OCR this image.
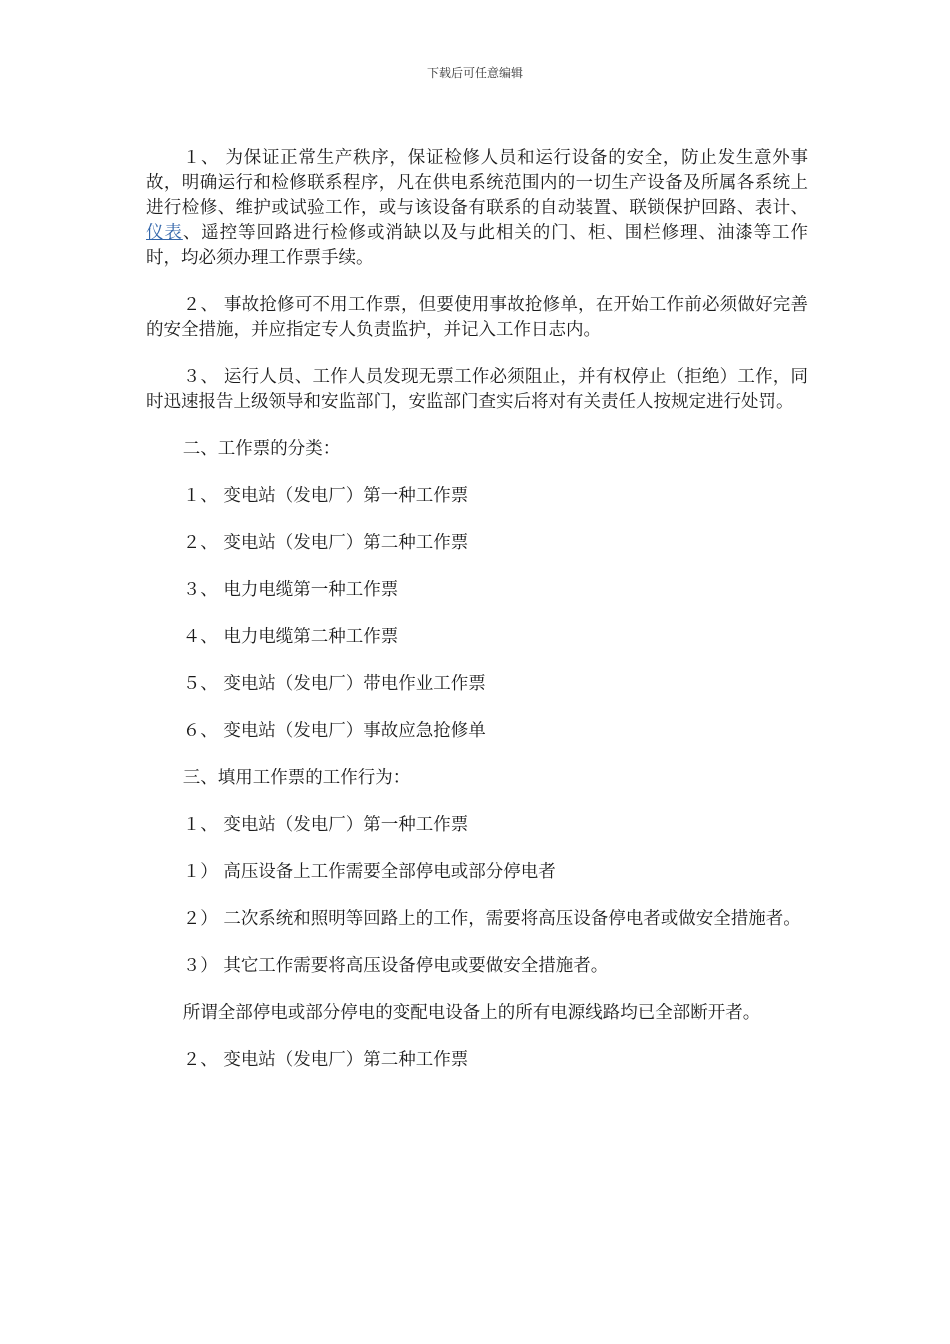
下载后可任意编辑

１、 为保证正常生产秩序，保证检修人员和运行设备的安全，防止发生意外事故，明确运行和检修联系程序，凡在供电系统范围内的一切生产设备及所属各系统上进行检修、维护或试验工作，或与该设备有联系的自动装置、联锁保护回路、表计、仪表、遥控等回路进行检修或消缺以及与此相关的门、柜、围栏修理、油漆等工作时，均必须办理工作票手续。

２、 事故抢修可不用工作票，但要使用事故抢修单，在开始工作前必须做好完善的安全措施，并应指定专人负责监护，并记入工作日志内。

３、 运行人员、工作人员发现无票工作必须阻止，并有权停止（拒绝）工作，同时迅速报告上级领导和安监部门，安监部门查实后将对有关责任人按规定进行处罚。

二、工作票的分类：

１、 变电站（发电厂）第一种工作票

２、 变电站（发电厂）第二种工作票

３、 电力电缆第一种工作票

４、 电力电缆第二种工作票

５、 变电站（发电厂）带电作业工作票

６、 变电站（发电厂）事故应急抢修单

三、填用工作票的工作行为：

１、 变电站（发电厂）第一种工作票

１） 高压设备上工作需要全部停电或部分停电者

２） 二次系统和照明等回路上的工作，需要将高压设备停电者或做安全措施者。

３） 其它工作需要将高压设备停电或要做安全措施者。

所谓全部停电或部分停电的变配电设备上的所有电源线路均已全部断开者。

２、 变电站（发电厂）第二种工作票
